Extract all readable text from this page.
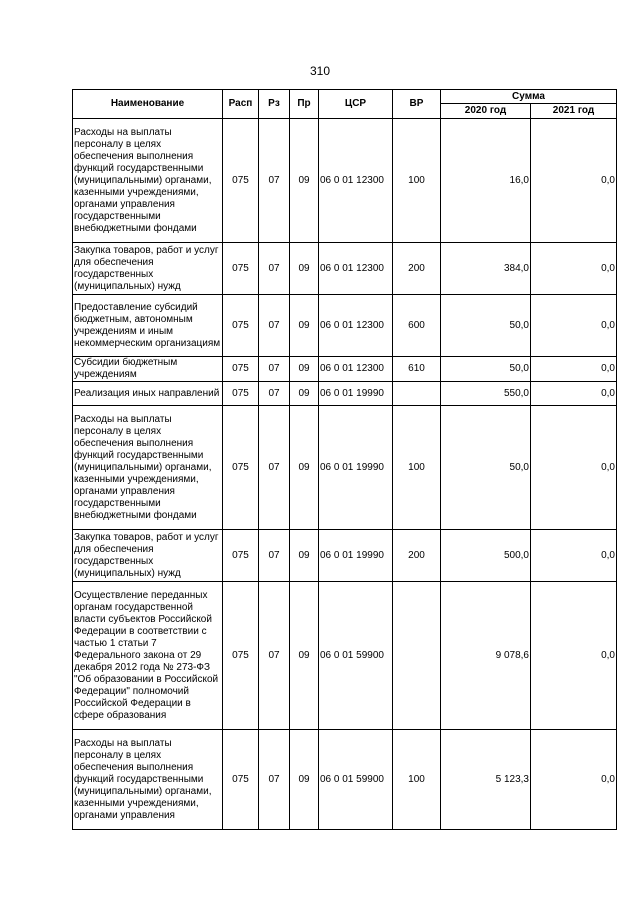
310
Наименование	Расп	Рз	Пр	ЦСР	ВР	Сумма	
						2020 год	2021 год
Расходы на выплаты персоналу в целях обеспечения выполнения функций государственными (муниципальными) органами, казенными учреждениями, органами управления государственными внебюджетными фондами	075	07	09	06 0 01 12300	100	16,0	0,0
Закупка товаров, работ и услуг для обеспечения государственных (муниципальных) нужд	075	07	09	06 0 01 12300	200	384,0	0,0
Предоставление субсидий бюджетным, автономным учреждениям и иным некоммерческим организациям	075	07	09	06 0 01 12300	600	50,0	0,0
Субсидии бюджетным учреждениям	075	07	09	06 0 01 12300	610	50,0	0,0
Реализация иных направлений	075	07	09	06 0 01 19990		550,0	0,0
Расходы на выплаты персоналу в целях обеспечения выполнения функций государственными (муниципальными) органами, казенными учреждениями, органами управления государственными внебюджетными фондами	075	07	09	06 0 01 19990	100	50,0	0,0
Закупка товаров, работ и услуг для обеспечения государственных (муниципальных) нужд	075	07	09	06 0 01 19990	200	500,0	0,0
Осуществление переданных органам государственной власти субъектов Российской Федерации в соответствии с частью 1 статьи 7 Федерального закона от 29 декабря 2012 года № 273-ФЗ "Об образовании в Российской Федерации" полномочий Российской Федерации в сфере образования	075	07	09	06 0 01 59900		9 078,6	0,0
Расходы на выплаты персоналу в целях обеспечения выполнения функций государственными (муниципальными) органами, казенными учреждениями, органами управления	075	07	09	06 0 01 59900	100	5 123,3	0,0
